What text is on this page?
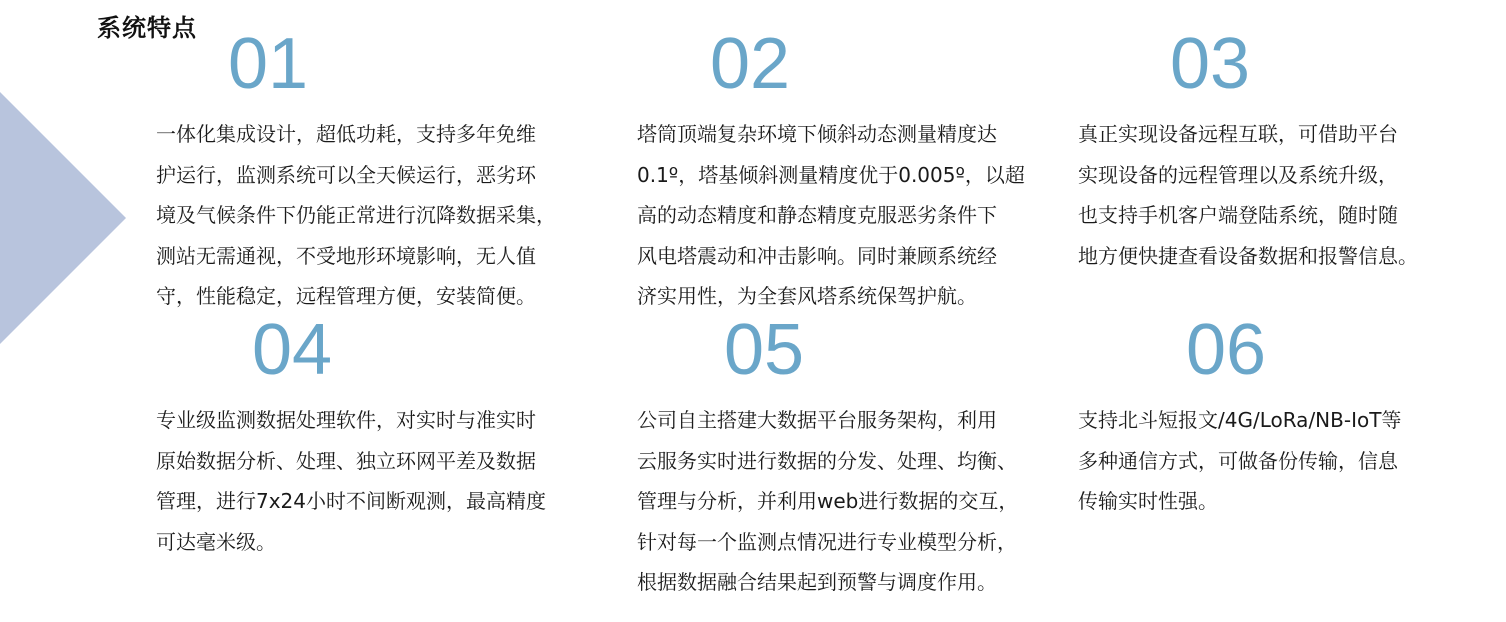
系统特点 01

一体化集成设计，超低功耗，支持多年免维
护运行，监测系统可以全天候运行，恶劣环
境及气候条件下仍能正常进行沉降数据采集，
测站无需通视，不受地形环境影响，无人值
守，性能稳定，远程管理方便，安装简便。

02

塔筒顶端复杂环境下倾斜动态测量精度达
0.1º，塔基倾斜测量精度优于0.005º，以超
高的动态精度和静态精度克服恶劣条件下
风电塔震动和冲击影响。同时兼顾系统经
济实用性，为全套风塔系统保驾护航。

03

真正实现设备远程互联，可借助平台
实现设备的远程管理以及系统升级，
也支持手机客户端登陆系统，随时随
地方便快捷查看设备数据和报警信息。

04

专业级监测数据处理软件，对实时与准实时
原始数据分析、处理、独立环网平差及数据
管理，进行7x24小时不间断观测，最高精度
可达毫米级。

05

公司自主搭建大数据平台服务架构，利用
云服务实时进行数据的分发、处理、均衡、
管理与分析，并利用web进行数据的交互，
针对每一个监测点情况进行专业模型分析，
根据数据融合结果起到预警与调度作用。

06

支持北斗短报文/4G/LoRa/NB-IoT等
多种通信方式，可做备份传输，信息
传输实时性强。
